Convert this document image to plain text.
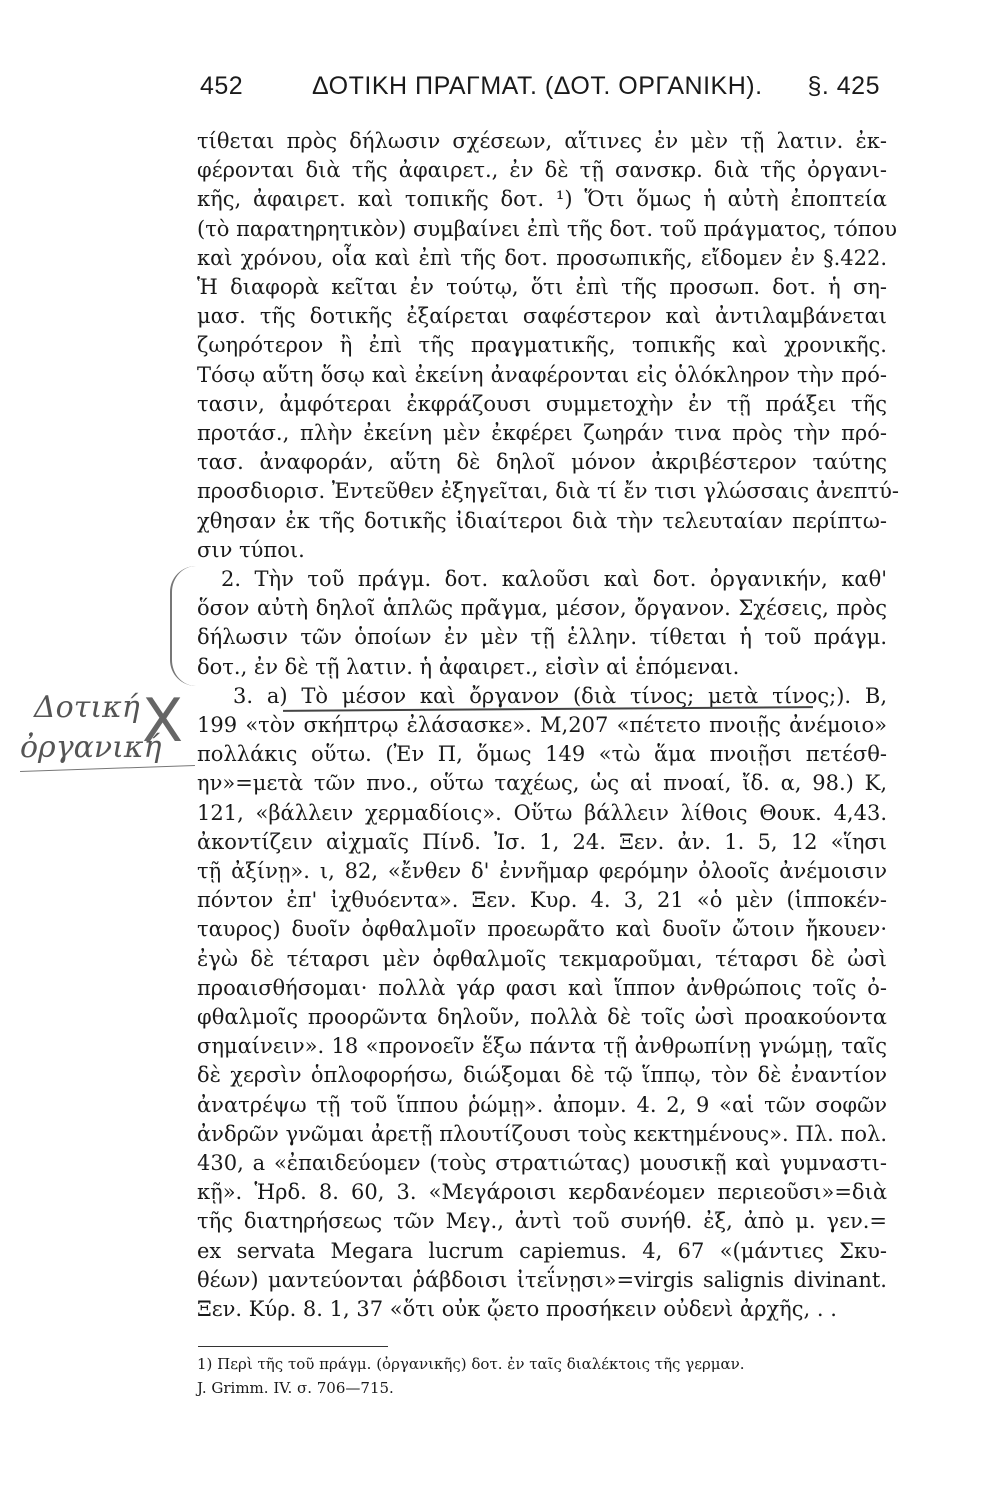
452	ΔΟΤΙΚΗ ΠΡΑΓΜΑΤ. (ΔΟΤ. ΟΡΓΑΝΙΚΗ). §. 425
τίθεται πρὸς δήλωσιν σχέσεων, αἵτινες ἐν μὲν τῇ λατιν. ἐκ-
φέρονται διὰ τῆς ἀφαιρετ., ἐν δὲ τῇ σανσκρ. διὰ τῆς ὀργανι-
κῆς, ἀφαιρετ. καὶ τοπικῆς δοτ. ¹) Ὅτι ὅμως ἡ αὐτὴ ἐποπτεία
(τὸ παρατηρητικὸν) συμβαίνει ἐπὶ τῆς δοτ. τοῦ πράγματος, τόπου
καὶ χρόνου, οἷα καὶ ἐπὶ τῆς δοτ. προσωπικῆς, εἴδομεν ἐν §.422.
Ἡ διαφορὰ κεῖται ἐν τούτῳ, ὅτι ἐπὶ τῆς προσωπ. δοτ. ἡ ση-
μασ. τῆς δοτικῆς ἐξαίρεται σαφέστερον καὶ ἀντιλαμβάνεται
ζωηρότερον ἢ ἐπὶ τῆς πραγματικῆς, τοπικῆς καὶ χρονικῆς.
Τόσῳ αὕτη ὅσῳ καὶ ἐκείνη ἀναφέρονται εἰς ὁλόκληρον τὴν πρό-
τασιν, ἀμφότεραι ἐκφράζουσι συμμετοχὴν ἐν τῇ πράξει τῆς
προτάσ., πλὴν ἐκείνη μὲν ἐκφέρει ζωηράν τινα πρὸς τὴν πρό-
τασ. ἀναφοράν, αὕτη δὲ δηλοῖ μόνον ἀκριβέστερον ταύτης
προσδιορισ. Ἐντεῦθεν ἐξηγεῖται, διὰ τί ἔν τισι γλώσσαις ἀνεπτύ-
χθησαν ἐκ τῆς δοτικῆς ἰδιαίτεροι διὰ τὴν τελευταίαν περίπτω-
σιν τύποι.
2. Τὴν τοῦ πράγμ. δοτ. καλοῦσι καὶ δοτ. ὀργανικήν, καθ'
ὅσον αὐτὴ δηλοῖ ἁπλῶς πρᾶγμα, μέσον, ὄργανον. Σχέσεις, πρὸς
δήλωσιν τῶν ὁποίων ἐν μὲν τῇ ἑλλην. τίθεται ἡ τοῦ πράγμ.
δοτ., ἐν δὲ τῇ λατιν. ἡ ἀφαιρετ., εἰσὶν αἱ ἑπόμεναι.
3. a) Τὸ μέσον καὶ ὄργανον (διὰ τίνος; μετὰ τίνος;). Β,
199 «τὸν σκήπτρῳ ἐλάσασκε». Μ,207 «πέτετο πνοιῇς ἀνέμοιο»
πολλάκις οὕτω. (Ἐν Π, ὅμως 149 «τὼ ἅμα πνοιῇσι πετέσθ-
ην»=μετὰ τῶν πνο., οὕτω ταχέως, ὡς αἱ πνοαί, ἴδ. α, 98.) Κ,
121, «βάλλειν χερμαδίοις». Οὕτω βάλλειν λίθοις Θουκ. 4,43.
ἀκοντίζειν αἰχμαῖς Πίνδ. Ἰσ. 1, 24. Ξεν. ἀν. 1. 5, 12 «ἵησι
τῇ ἀξίνῃ». ι, 82, «ἔνθεν δ' ἐννῆμαρ φερόμην ὀλοοῖς ἀνέμοισιν
πόντον ἐπ' ἰχθυόεντα». Ξεν. Κυρ. 4. 3, 21 «ὁ μὲν (ἱπποκέν-
ταυρος) δυοῖν ὀφθαλμοῖν προεωρᾶτο καὶ δυοῖν ὤτοιν ἤκουεν·
ἐγὼ δὲ τέταρσι μὲν ὀφθαλμοῖς τεκμαροῦμαι, τέταρσι δὲ ὠσὶ
προαισθήσομαι· πολλὰ γάρ φασι καὶ ἵππον ἀνθρώποις τοῖς ὀ-
φθαλμοῖς προορῶντα δηλοῦν, πολλὰ δὲ τοῖς ὠσὶ προακούοντα
σημαίνειν». 18 «προνοεῖν ἕξω πάντα τῇ ἀνθρωπίνῃ γνώμῃ, ταῖς
δὲ χερσὶν ὁπλοφορήσω, διώξομαι δὲ τῷ ἵππῳ, τὸν δὲ ἐναντίον
ἀνατρέψω τῇ τοῦ ἵππου ῥώμῃ». ἀπομν. 4. 2, 9 «αἱ τῶν σοφῶν
ἀνδρῶν γνῶμαι ἀρετῇ πλουτίζουσι τοὺς κεκτημένους». Πλ. πολ.
430, a «ἐπαιδεύομεν (τοὺς στρατιώτας) μουσικῇ καὶ γυμναστι-
κῇ». Ἡρδ. 8. 60, 3. «Μεγάροισι κερδανέομεν περιεοῦσι»=διὰ
τῆς διατηρήσεως τῶν Μεγ., ἀντὶ τοῦ συνήθ. ἐξ, ἀπὸ μ. γεν.=
ex servata Megara lucrum capiemus. 4, 67 «(μάντιες Σκυ-
θέων) μαντεύονται ῥάβδοισι ἰτεΐνῃσι»=virgis salignis divinant.
Ξεν. Κύρ. 8. 1, 37 «ὅτι οὐκ ᾤετο προσήκειν οὐδενὶ ἀρχῆς, . .
1) Περὶ τῆς τοῦ πράγμ. (ὀργανικῆς) δοτ. ἐν ταῖς διαλέκτοις τῆς γερμαν.
J. Grimm. IV. σ. 706—715.
X
Δοτική
ὀργανική
